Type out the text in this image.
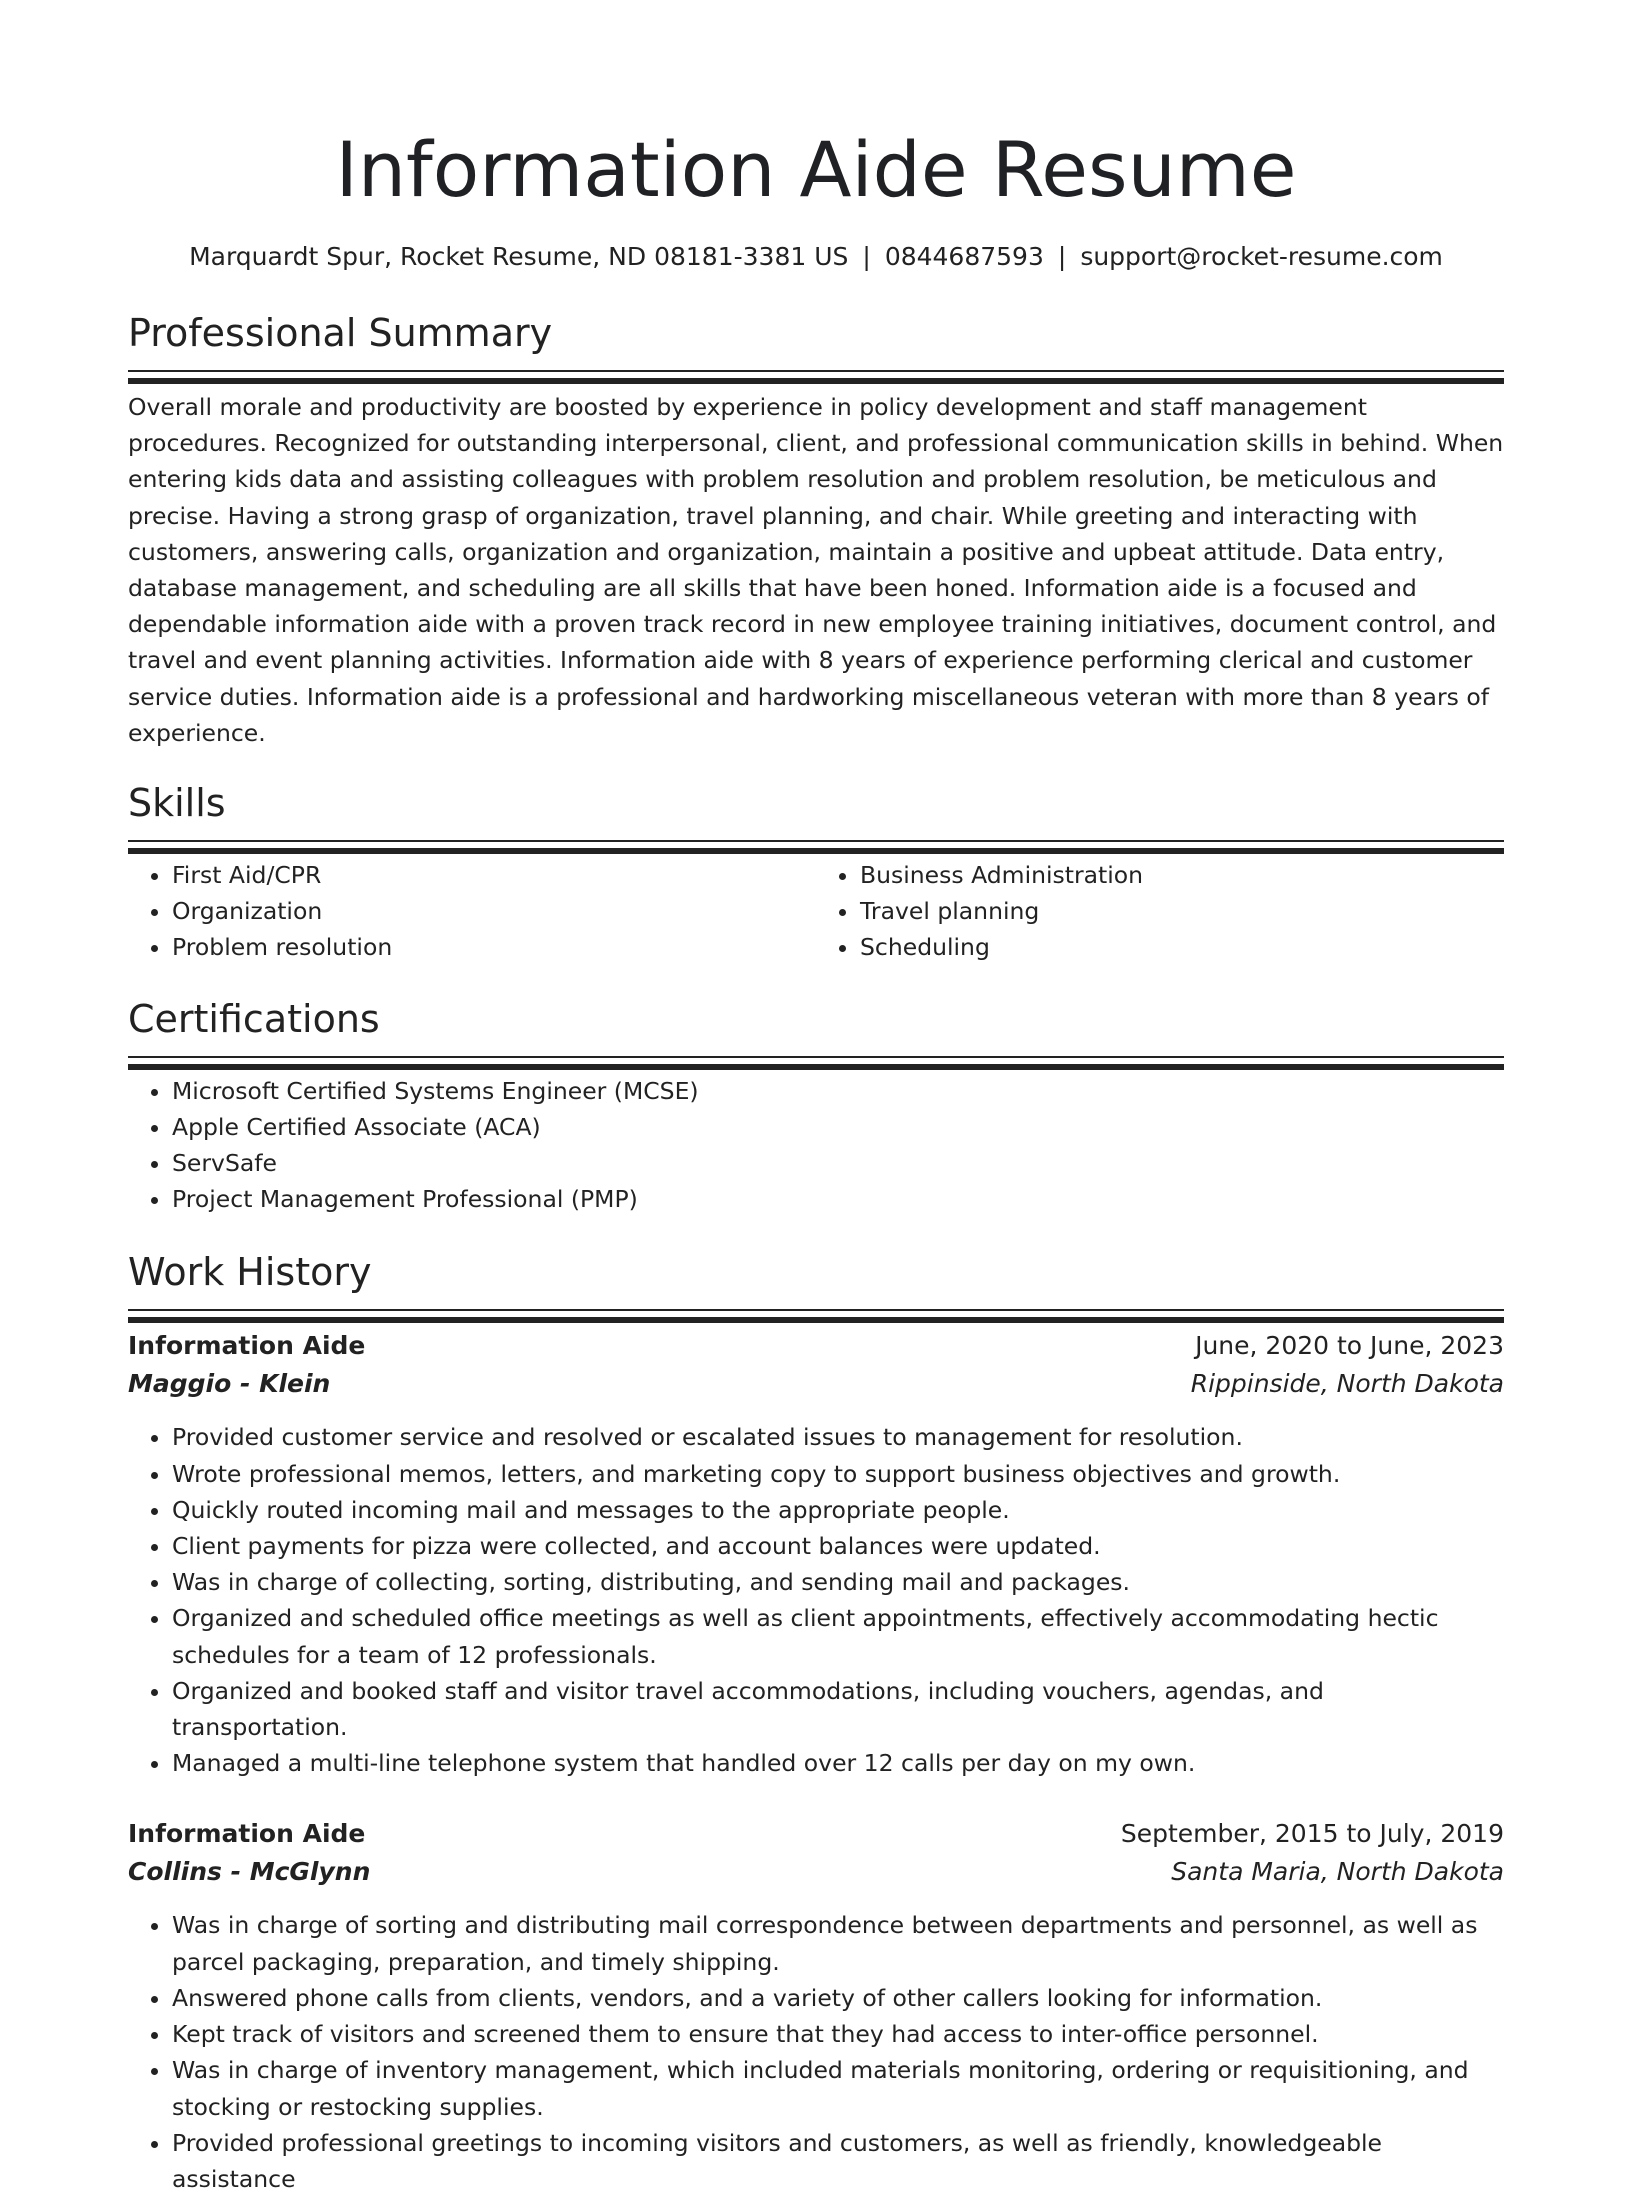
Information Aide Resume
Marquardt Spur, Rocket Resume, ND 08181-3381 US | 0844687593 | support@rocket-resume.com
Professional Summary

Overall morale and productivity are boosted by experience in policy development and staff management procedures. Recognized for outstanding interpersonal, client, and professional communication skills in behind. When entering kids data and assisting colleagues with problem resolution and problem resolution, be meticulous and precise. Having a strong grasp of organization, travel planning, and chair. While greeting and interacting with customers, answering calls, organization and organization, maintain a positive and upbeat attitude. Data entry, database management, and scheduling are all skills that have been honed. Information aide is a focused and dependable information aide with a proven track record in new employee training initiatives, document control, and travel and event planning activities. Information aide with 8 years of experience performing clerical and customer service duties. Information aide is a professional and hardworking miscellaneous veteran with more than 8 years of experience.

Skills
• First Aid/CPR
• Organization
• Problem resolution
• Business Administration
• Travel planning
• Scheduling
Certifications
• Microsoft Certified Systems Engineer (MCSE)
• Apple Certified Associate (ACA)
• ServSafe
• Project Management Professional (PMP)
Work History
Information Aide	June, 2020 to June, 2023
Maggio - Klein	Rippinside, North Dakota
• Provided customer service and resolved or escalated issues to management for resolution.
• Wrote professional memos, letters, and marketing copy to support business objectives and growth.
• Quickly routed incoming mail and messages to the appropriate people.
• Client payments for pizza were collected, and account balances were updated.
• Was in charge of collecting, sorting, distributing, and sending mail and packages.
• Organized and scheduled office meetings as well as client appointments, effectively accommodating hectic schedules for a team of 12 professionals.
• Organized and booked staff and visitor travel accommodations, including vouchers, agendas, and transportation.
• Managed a multi-line telephone system that handled over 12 calls per day on my own.
Information Aide	September, 2015 to July, 2019
Collins - McGlynn	Santa Maria, North Dakota
• Was in charge of sorting and distributing mail correspondence between departments and personnel, as well as parcel packaging, preparation, and timely shipping.
• Answered phone calls from clients, vendors, and a variety of other callers looking for information.
• Kept track of visitors and screened them to ensure that they had access to inter-office personnel.
• Was in charge of inventory management, which included materials monitoring, ordering or requisitioning, and stocking or restocking supplies.
• Provided professional greetings to incoming visitors and customers, as well as friendly, knowledgeable assistance
